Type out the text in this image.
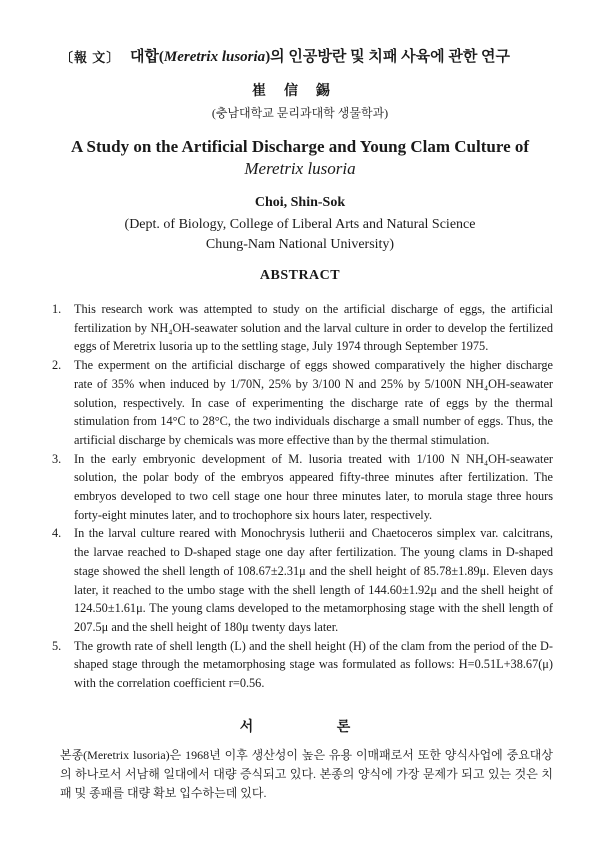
〔報 文〕 대합(Meretrix lusoria)의 인공방란 및 치패 사육에 관한 연구
崔信錫
(충남대학교 문리과대학 생물학과)
A Study on the Artificial Discharge and Young Clam Culture of
Meretrix lusoria
Choi, Shin-Sok
(Dept. of Biology, College of Liberal Arts and Natural Science
Chung-Nam National University)
ABSTRACT
1. This research work was attempted to study on the artificial discharge of eggs, the artificial fertilization by NH₄OH-seawater solution and the larval culture in order to develop the fertilized eggs of Meretrix lusoria up to the settling stage, July 1974 through September 1975.
2. The experment on the artificial discharge of eggs showed comparatively the higher discharge rate of 35% when induced by 1/70N, 25% by 3/100 N and 25% by 5/100N NH₄OH-seawater solution, respectively. In case of experimenting the discharge rate of eggs by the thermal stimulation from 14°C to 28°C, the two individuals discharge a small number of eggs. Thus, the artificial discharge by chemicals was more effective than by the thermal stimulation.
3. In the early embryonic development of M. lusoria treated with 1/100 N NH₄OH-seawater solution, the polar body of the embryos appeared fifty-three minutes after fertilization. The embryos developed to two cell stage one hour three minutes later, to morula stage three hours forty-eight minutes later, and to trochophore six hours later, respectively.
4. In the larval culture reared with Monochrysis lutherii and Chaetoceros simplex var. calcitrans, the larvae reached to D-shaped stage one day after fertilization. The young clams in D-shaped stage showed the shell length of 108.67±2.31μ and the shell height of 85.78±1.89μ. Eleven days later, it reached to the umbo stage with the shell length of 144.60±1.92μ and the shell height of 124.50±1.61μ. The young clams developed to the metamorphosing stage with the shell length of 207.5μ and the shell height of 180μ twenty days later.
5. The growth rate of shell length (L) and the shell height (H) of the clam from the period of the D-shaped stage through the metamorphosing stage was formulated as follows: H=0.51L+38.67(μ) with the correlation coefficient r=0.56.
서 론
본종(Meretrix lusoria)은 1968년 이후 생산성이 높은 유용 이매패로서 또한 양식사업에 중요대상의 하나로서 서남해 일대에서 대량 증식되고 있다. 본종의 양식에 가장 문제가 되고 있는 것은 치패 및 종패를 대량 확보 입수하는데 있다.
